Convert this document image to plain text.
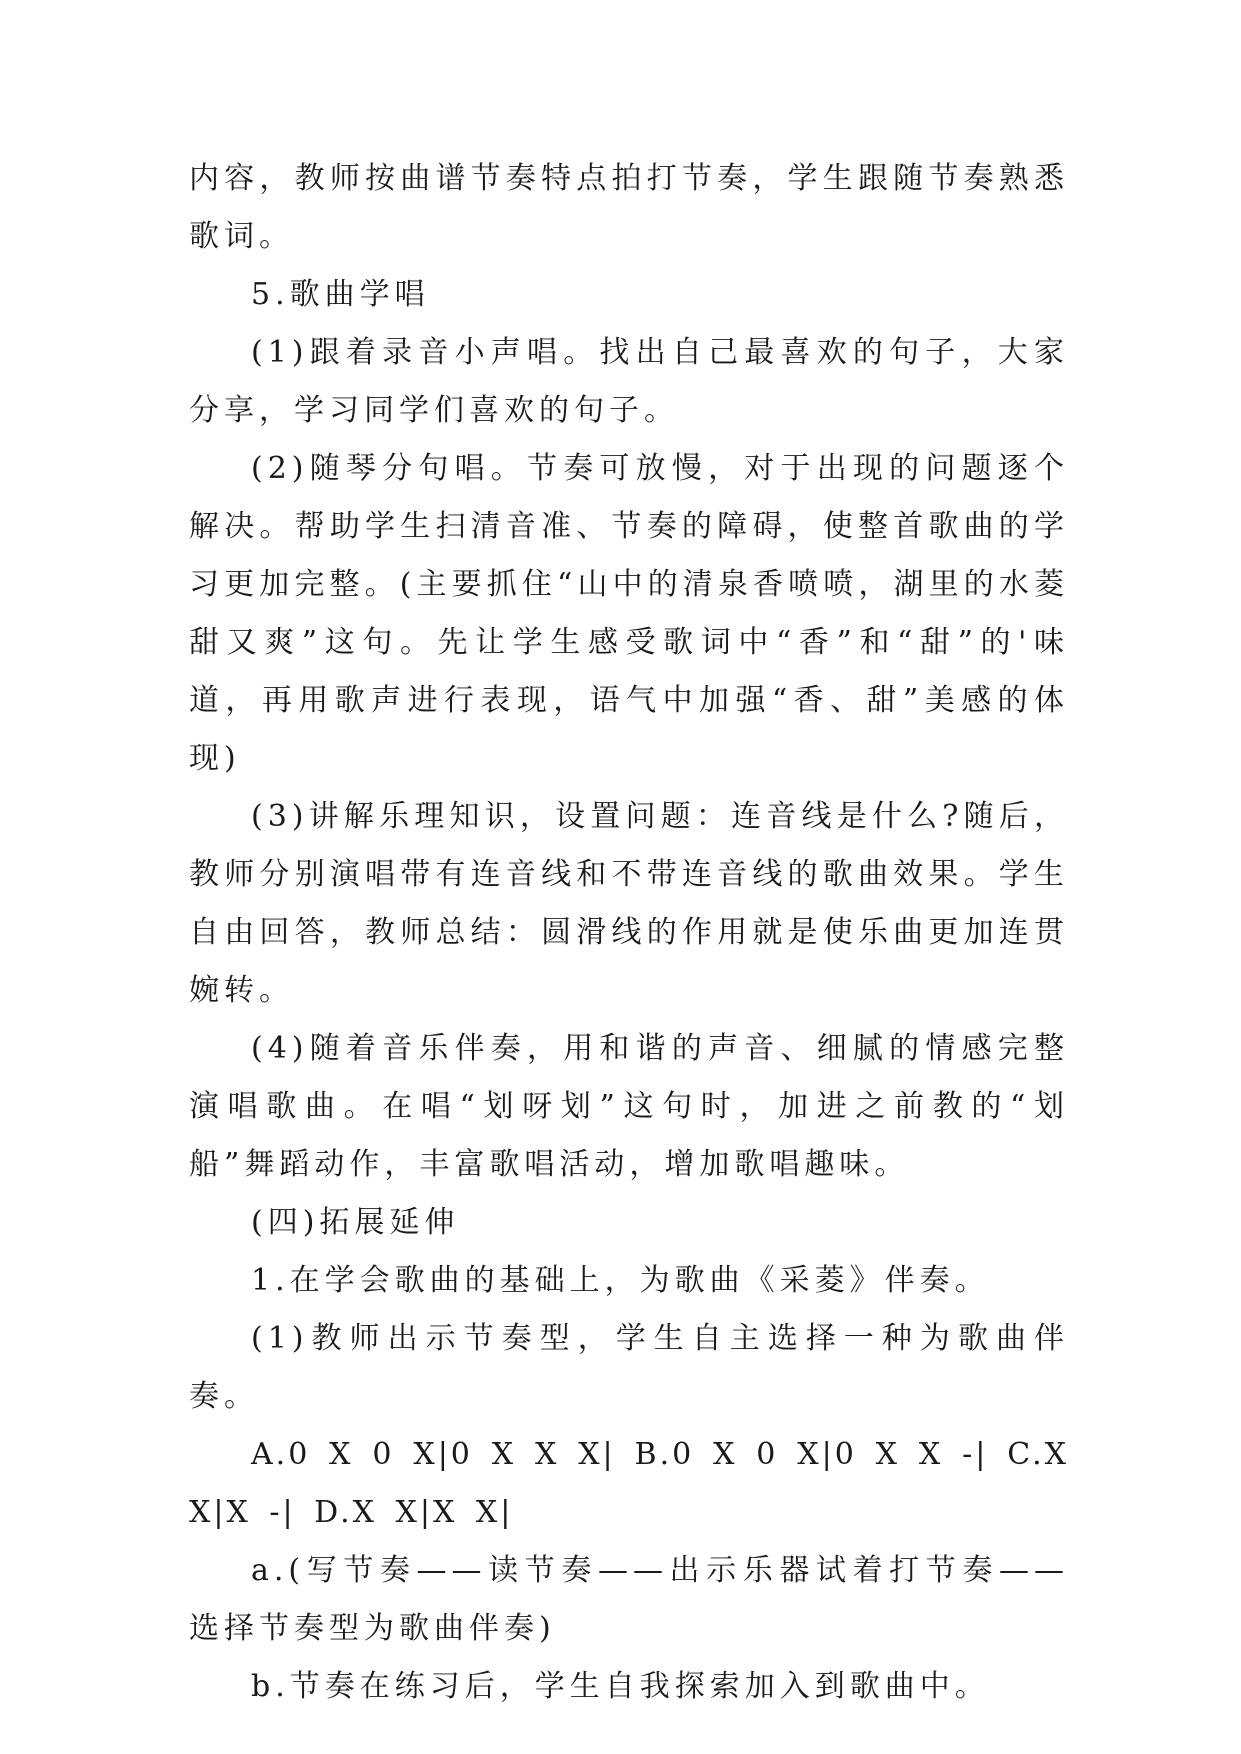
内容，教师按曲谱节奏特点拍打节奏，学生跟随节奏熟悉歌词。

5.歌曲学唱

(1)跟着录音小声唱。找出自己最喜欢的句子，大家分享，学习同学们喜欢的句子。

(2)随琴分句唱。节奏可放慢，对于出现的问题逐个解决。帮助学生扫清音准、节奏的障碍，使整首歌曲的学习更加完整。(主要抓住“山中的清泉香喷喷，湖里的水菱甜又爽”这句。先让学生感受歌词中“香”和“甜”的'味道，再用歌声进行表现，语气中加强“香、甜”美感的体现)

(3)讲解乐理知识，设置问题：连音线是什么?随后，教师分别演唱带有连音线和不带连音线的歌曲效果。学生自由回答，教师总结：圆滑线的作用就是使乐曲更加连贯婉转。

(4)随着音乐伴奏，用和谐的声音、细腻的情感完整演唱歌曲。在唱“划呀划”这句时，加进之前教的“划船”舞蹈动作，丰富歌唱活动，增加歌唱趣味。

(四)拓展延伸

1.在学会歌曲的基础上，为歌曲《采菱》伴奏。

(1)教师出示节奏型，学生自主选择一种为歌曲伴奏。

A.0 X 0 X|0 X X X| B.0 X 0 X|0 X X -| C.X X|X -| D.X X|X X|

a.(写节奏——读节奏——出示乐器试着打节奏——选择节奏型为歌曲伴奏)

b.节奏在练习后，学生自我探索加入到歌曲中。
